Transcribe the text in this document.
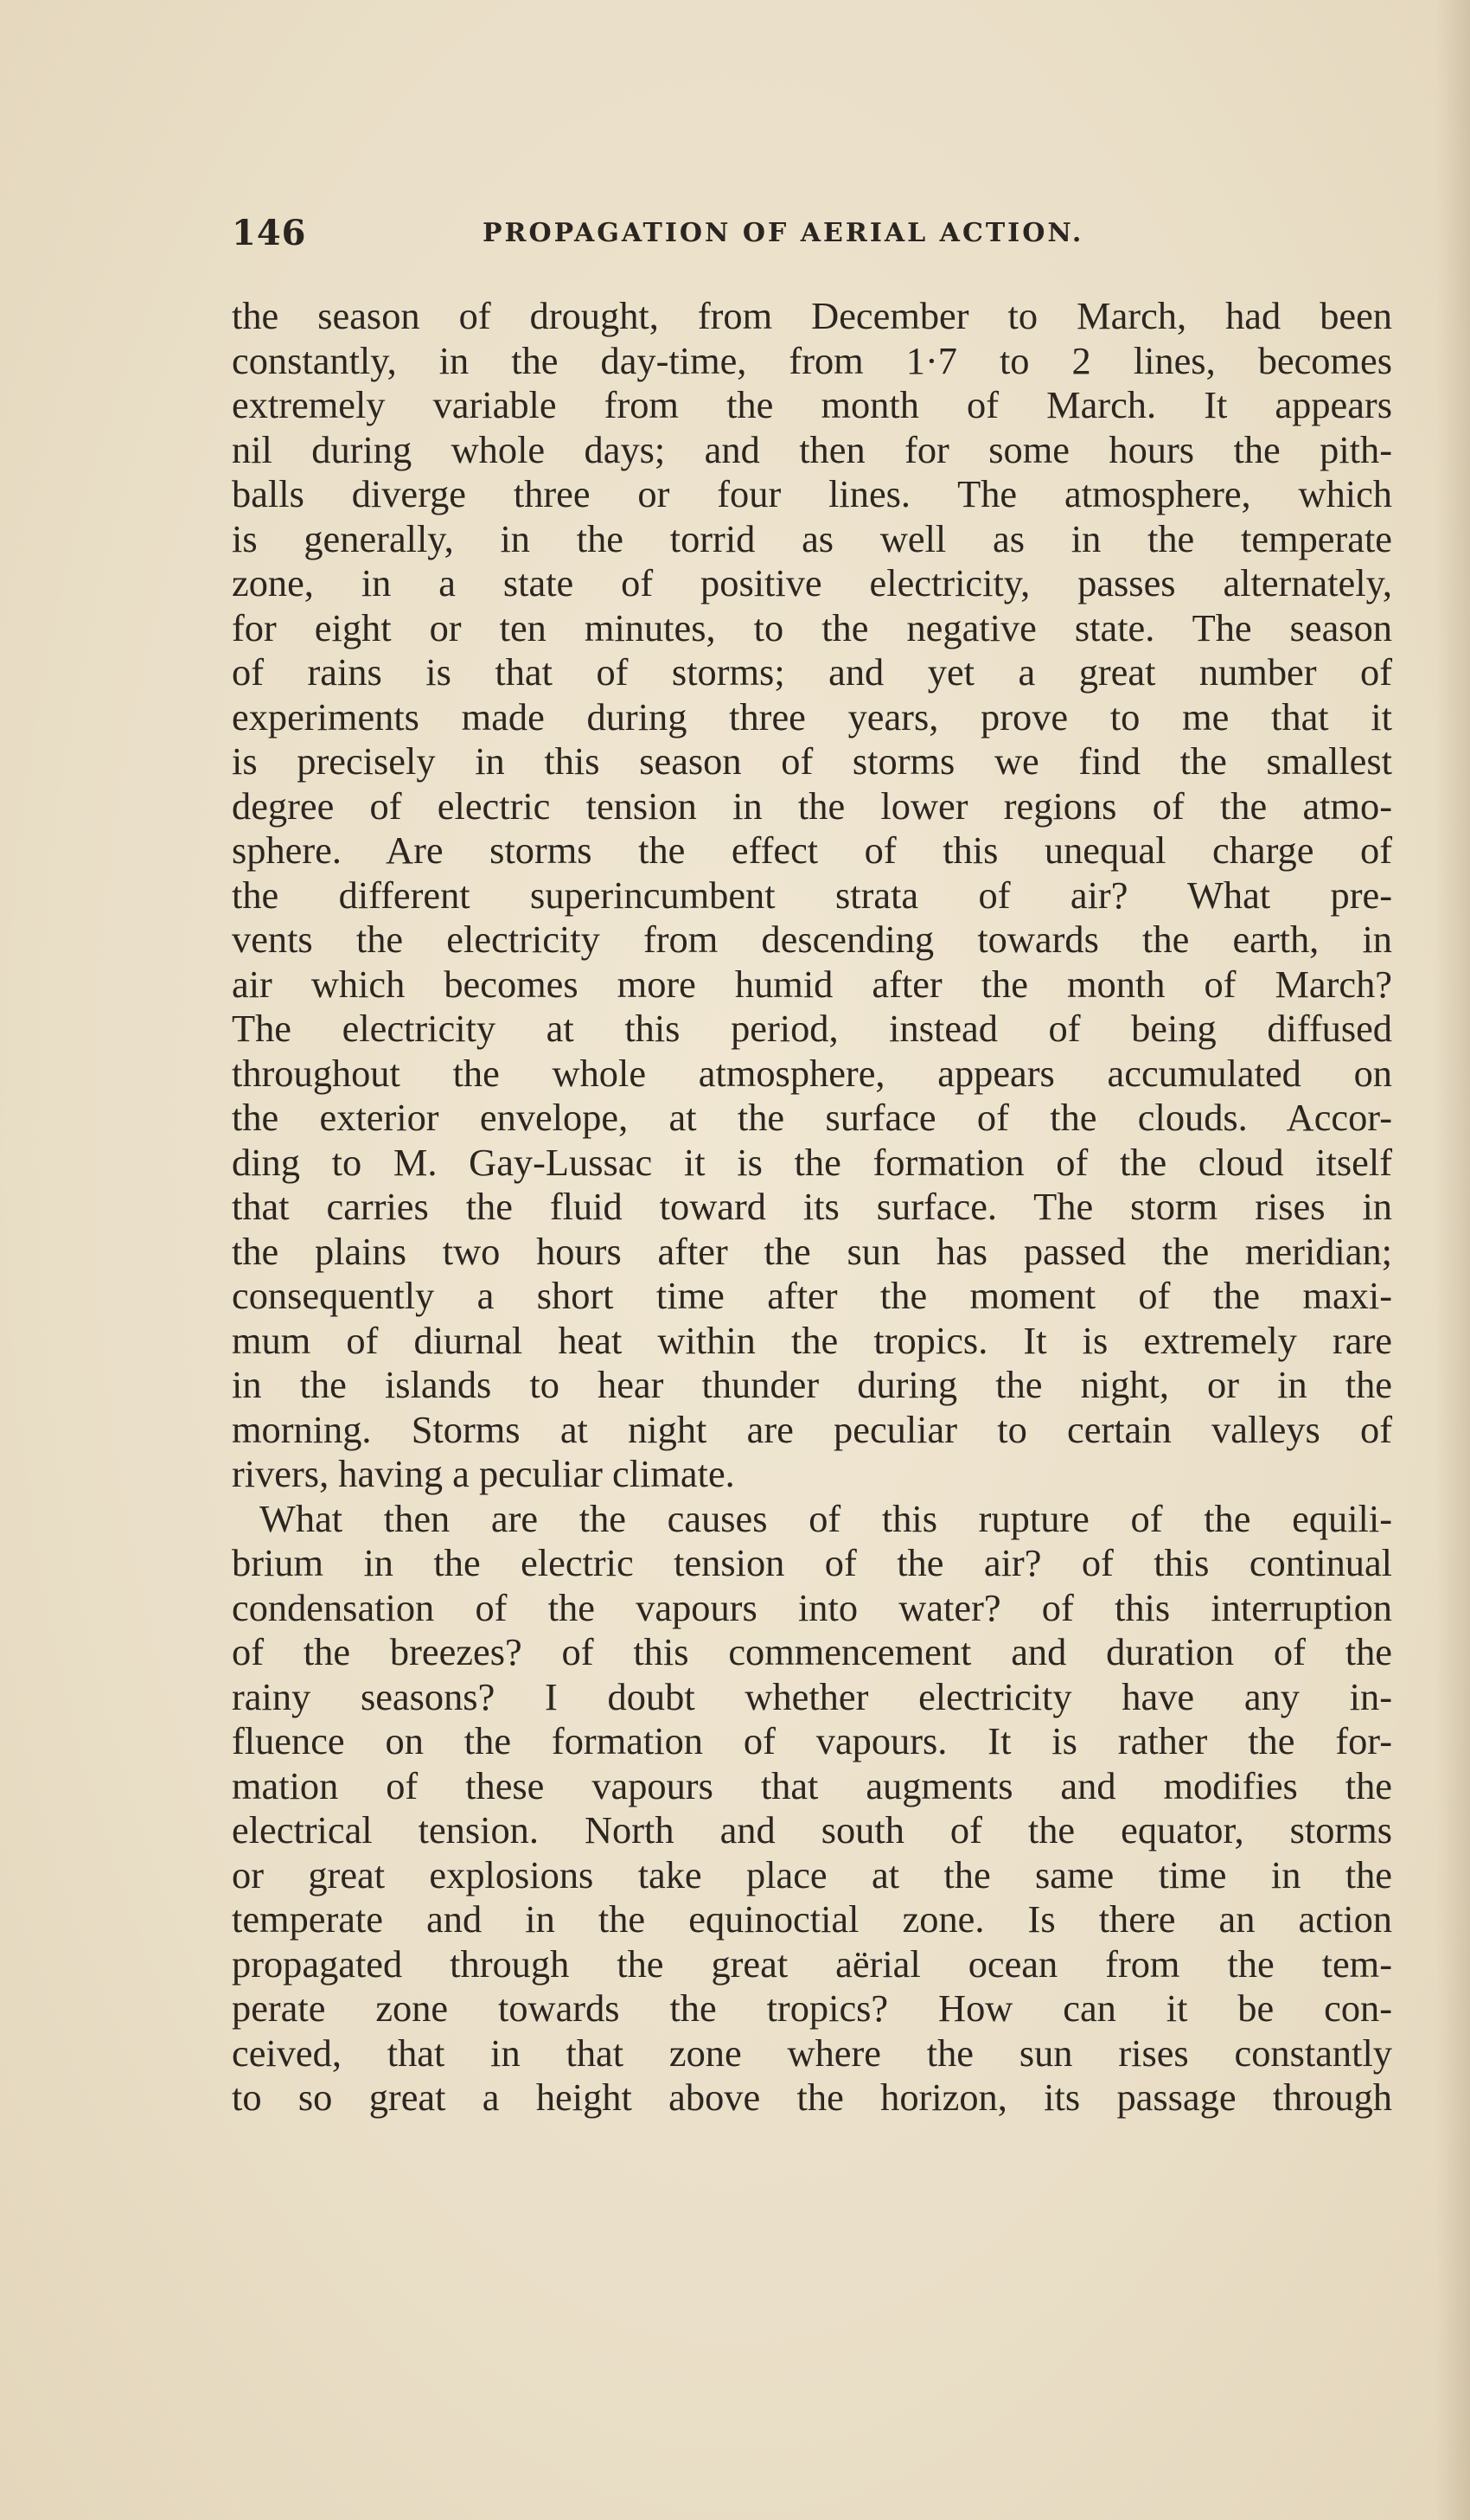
146	PROPAGATION OF AERIAL ACTION.
the season of drought, from December to March, had been
constantly, in the day-time, from 1·7 to 2 lines, becomes
extremely variable from the month of March. It appears
nil during whole days; and then for some hours the pith-
balls diverge three or four lines. The atmosphere, which
is generally, in the torrid as well as in the temperate
zone, in a state of positive electricity, passes alternately,
for eight or ten minutes, to the negative state. The season
of rains is that of storms; and yet a great number of
experiments made during three years, prove to me that it
is precisely in this season of storms we find the smallest
degree of electric tension in the lower regions of the atmo-
sphere. Are storms the effect of this unequal charge of
the different superincumbent strata of air? What pre-
vents the electricity from descending towards the earth, in
air which becomes more humid after the month of March?
The electricity at this period, instead of being diffused
throughout the whole atmosphere, appears accumulated on
the exterior envelope, at the surface of the clouds. Accor-
ding to M. Gay-Lussac it is the formation of the cloud itself
that carries the fluid toward its surface. The storm rises in
the plains two hours after the sun has passed the meridian;
consequently a short time after the moment of the maxi-
mum of diurnal heat within the tropics. It is extremely rare
in the islands to hear thunder during the night, or in the
morning. Storms at night are peculiar to certain valleys of
rivers, having a peculiar climate.
What then are the causes of this rupture of the equili-
brium in the electric tension of the air? of this continual
condensation of the vapours into water? of this interruption
of the breezes? of this commencement and duration of the
rainy seasons? I doubt whether electricity have any in-
fluence on the formation of vapours. It is rather the for-
mation of these vapours that augments and modifies the
electrical tension. North and south of the equator, storms
or great explosions take place at the same time in the
temperate and in the equinoctial zone. Is there an action
propagated through the great aërial ocean from the tem-
perate zone towards the tropics? How can it be con-
ceived, that in that zone where the sun rises constantly
to so great a height above the horizon, its passage through
